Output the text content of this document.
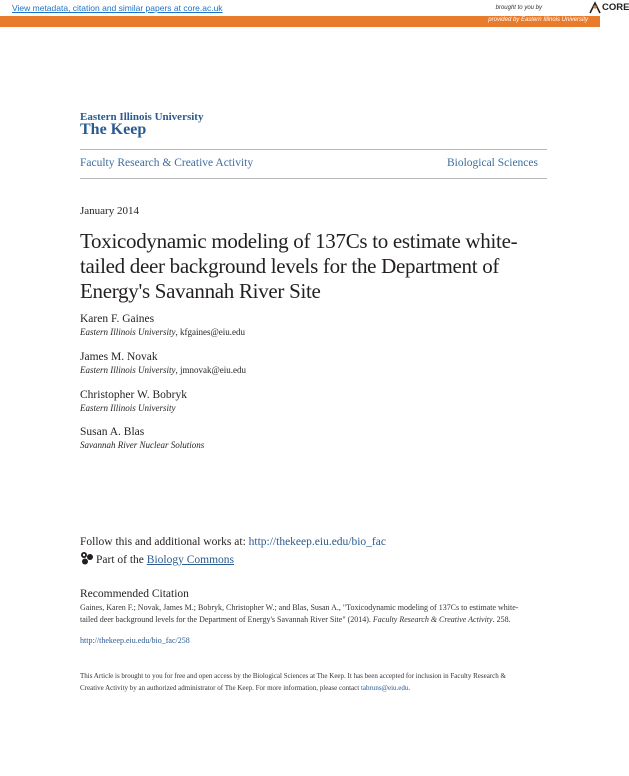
View metadata, citation and similar papers at core.ac.uk	brought to you by	CORE
provided by Eastern Illinois University
Eastern Illinois University
The Keep
Faculty Research & Creative Activity	Biological Sciences
January 2014
Toxicodynamic modeling of 137Cs to estimate white-tailed deer background levels for the Department of Energy's Savannah River Site
Karen F. Gaines
Eastern Illinois University, kfgaines@eiu.edu
James M. Novak
Eastern Illinois University, jmnovak@eiu.edu
Christopher W. Bobryk
Eastern Illinois University
Susan A. Blas
Savannah River Nuclear Solutions
Follow this and additional works at: http://thekeep.eiu.edu/bio_fac
Part of the Biology Commons
Recommended Citation
Gaines, Karen F.; Novak, James M.; Bobryk, Christopher W.; and Blas, Susan A., "Toxicodynamic modeling of 137Cs to estimate white-tailed deer background levels for the Department of Energy's Savannah River Site" (2014). Faculty Research & Creative Activity. 258.
http://thekeep.eiu.edu/bio_fac/258
This Article is brought to you for free and open access by the Biological Sciences at The Keep. It has been accepted for inclusion in Faculty Research & Creative Activity by an authorized administrator of The Keep. For more information, please contact tabruns@eiu.edu.
